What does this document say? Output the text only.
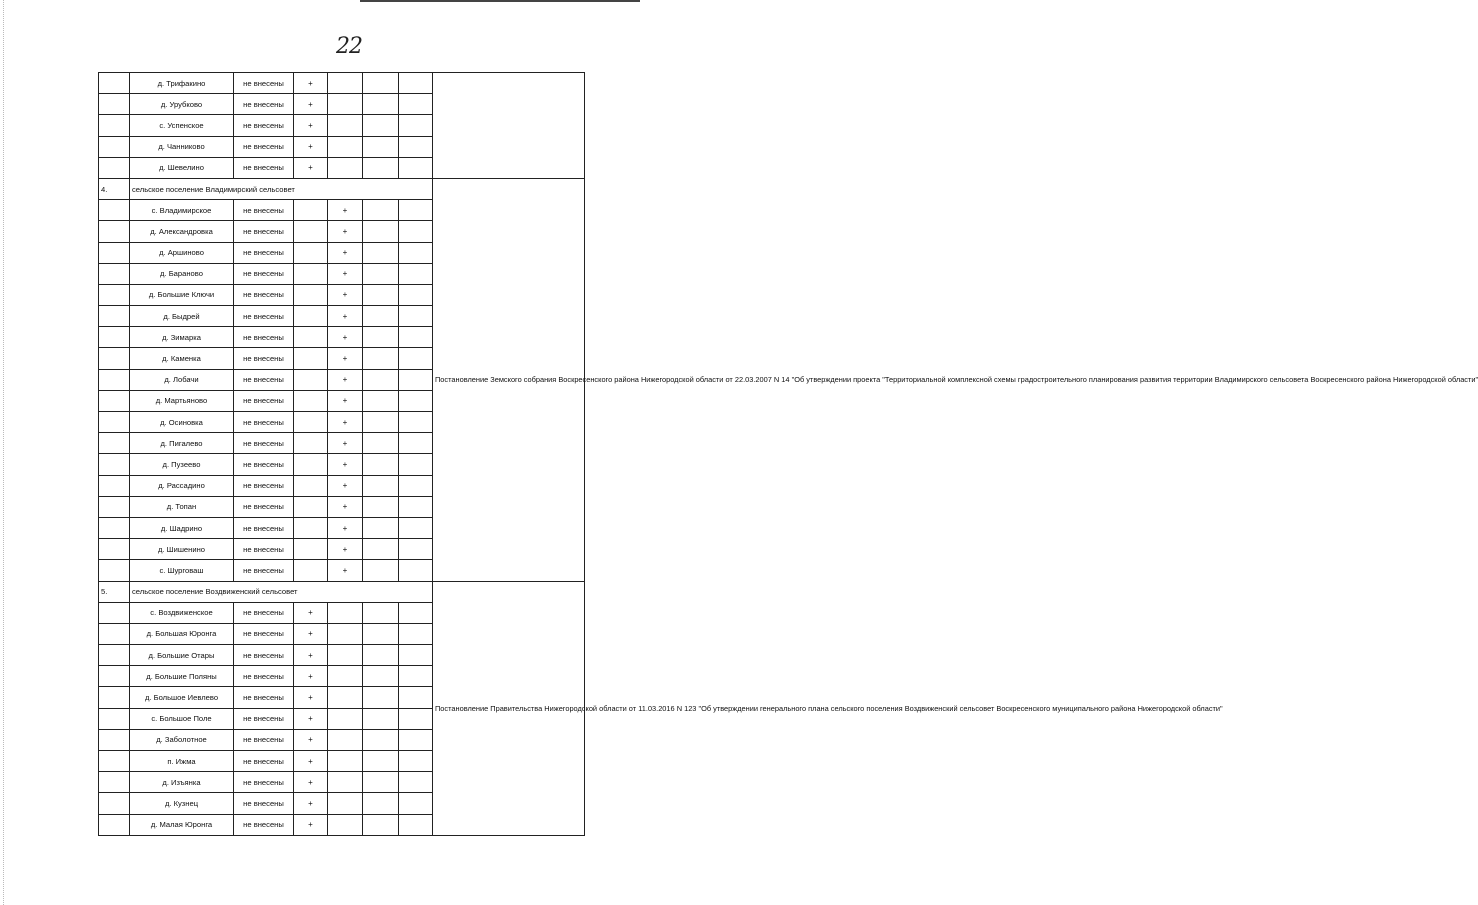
22
	д. Трифакино	не внесены	+				
	д. Урубково	не внесены	+				
	с. Успенское	не внесены	+				
	д. Чанниково	не внесены	+				
	д. Шевелино	не внесены	+				
4.	сельское поселение Владимирский сельсовет						Постановление Земского собрания Воскресенского района Нижегородской области от 22.03.2007 N 14 "Об утверждении проекта "Территориальной комплексной схемы градостроительного планирования развития территории Владимирского сельсовета Воскресенского района Нижегородской области"
	с. Владимирское	не внесены		+			
	д. Александровка	не внесены		+			
	д. Аршиново	не внесены		+			
	д. Бараново	не внесены		+			
	д. Большие Ключи	не внесены		+			
	д. Быдрей	не внесены		+			
	д. Зимарка	не внесены		+			
	д. Каменка	не внесены		+			
	д. Лобачи	не внесены		+			
	д. Мартьяново	не внесены		+			
	д. Осиновка	не внесены		+			
	д. Пигалево	не внесены		+			
	д. Пузеево	не внесены		+			
	д. Рассадино	не внесены		+			
	д. Топан	не внесены		+			
	д. Шадрино	не внесены		+			
	д. Шишенино	не внесены		+			
	с. Шурговаш	не внесены		+			
5.	сельское поселение Воздвиженский сельсовет						Постановление Правительства Нижегородской области от 11.03.2016 N 123 "Об утверждении генерального плана сельского поселения Воздвиженский сельсовет Воскресенского муниципального района Нижегородской области"
	с. Воздвиженское	не внесены	+				
	д. Большая Юронга	не внесены	+				
	д. Большие Отары	не внесены	+				
	д. Большие Поляны	не внесены	+				
	д. Большое Иевлево	не внесены	+				
	с. Большое Поле	не внесены	+				
	д. Заболотное	не внесены	+				
	п. Ижма	не внесены	+				
	д. Изъянка	не внесены	+				
	д. Кузнец	не внесены	+				
	д. Малая Юронга	не внесены	+				
